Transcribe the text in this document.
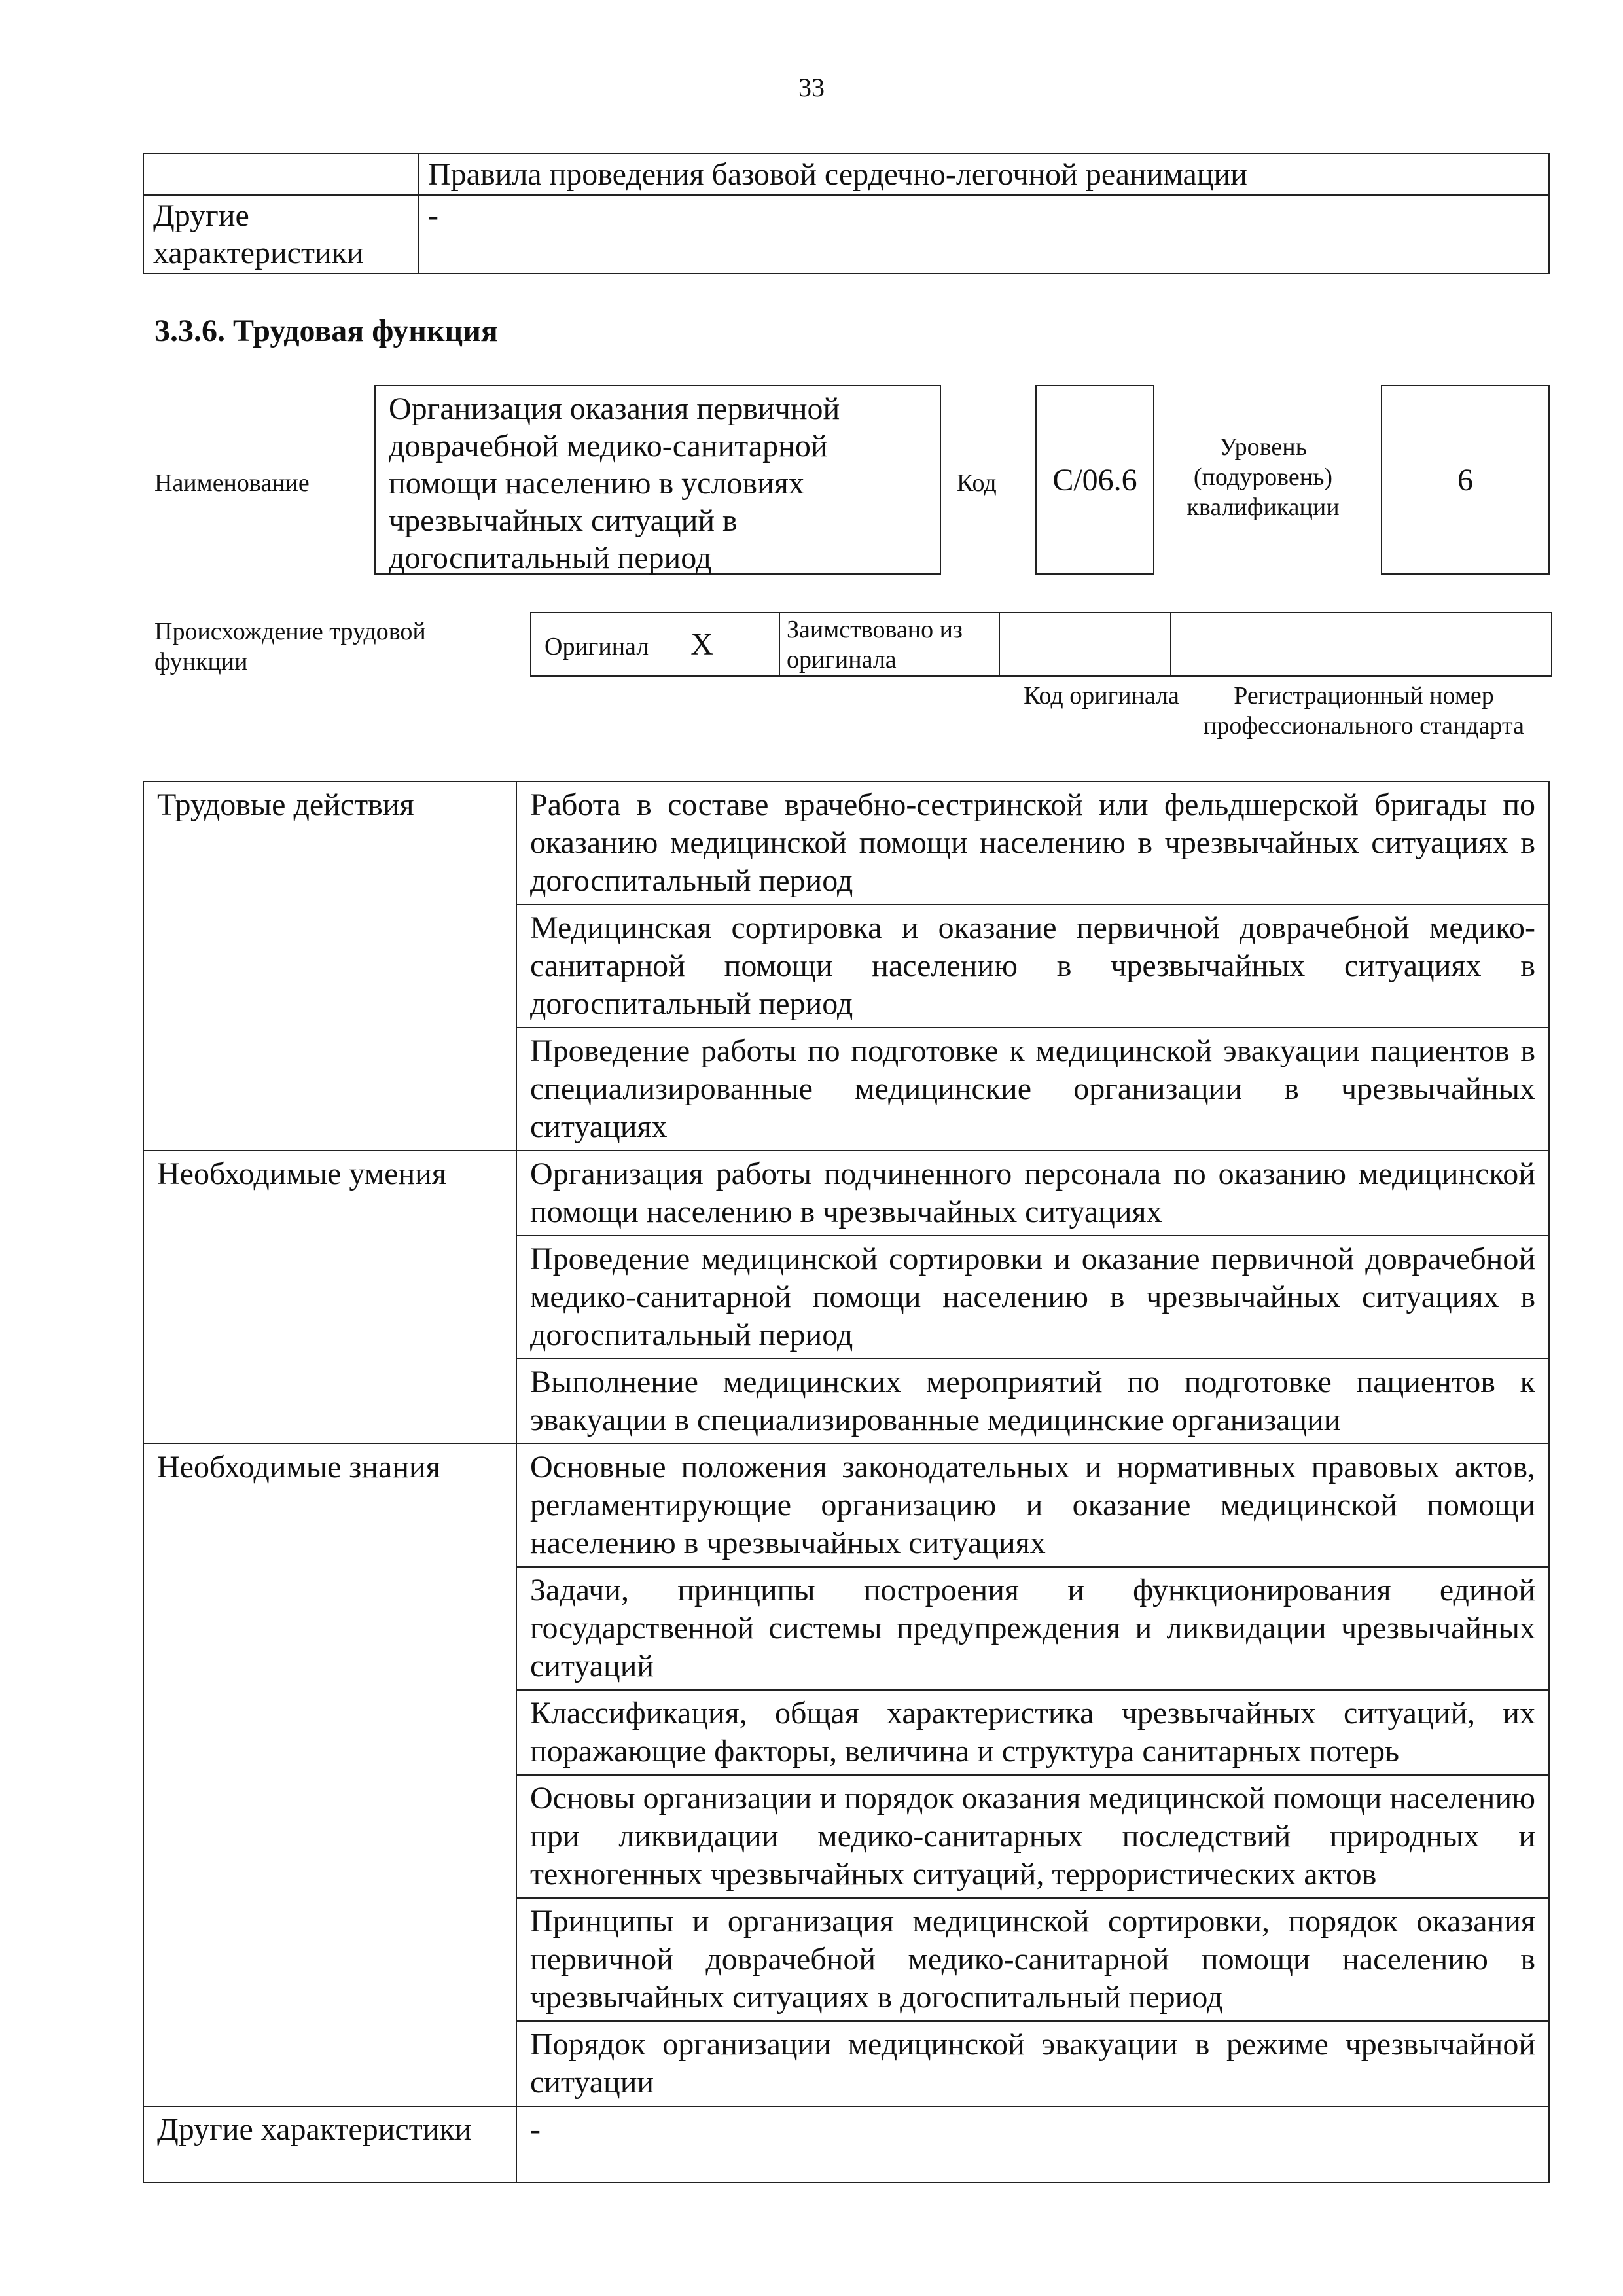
33
	Правила проведения базовой сердечно-легочной реанимации
Другие характеристики	-
3.3.6. Трудовая функция
Наименование
Организация оказания первичной доврачебной медико-санитарной помощи населению в условиях чрезвычайных ситуаций в догоспитальный период
Код C/06.6
Уровень (подуровень) квалификации
6
Происхождение трудовой функции
Оригинал X	Заимствовано из оригинала

Код оригинала	Регистрационный номер профессионального стандарта
Трудовые действия	Работа в составе врачебно-сестринской или фельдшерской бригады по оказанию медицинской помощи населению в чрезвычайных ситуациях в догоспитальный период
	Медицинская сортировка и оказание первичной доврачебной медико-санитарной помощи населению в чрезвычайных ситуациях в догоспитальный период
	Проведение работы по подготовке к медицинской эвакуации пациентов в специализированные медицинские организации в чрезвычайных ситуациях
Необходимые умения	Организация работы подчиненного персонала по оказанию медицинской помощи населению в чрезвычайных ситуациях
	Проведение медицинской сортировки и оказание первичной доврачебной медико-санитарной помощи населению в чрезвычайных ситуациях в догоспитальный период
	Выполнение медицинских мероприятий по подготовке пациентов к эвакуации в специализированные медицинские организации
Необходимые знания	Основные положения законодательных и нормативных правовых актов, регламентирующие организацию и оказание медицинской помощи населению в чрезвычайных ситуациях
	Задачи, принципы построения и функционирования единой государственной системы предупреждения и ликвидации чрезвычайных ситуаций
	Классификация, общая характеристика чрезвычайных ситуаций, их поражающие факторы, величина и структура санитарных потерь
	Основы организации и порядок оказания медицинской помощи населению при ликвидации медико-санитарных последствий природных и техногенных чрезвычайных ситуаций, террористических актов
	Принципы и организация медицинской сортировки, порядок оказания первичной доврачебной медико-санитарной помощи населению в чрезвычайных ситуациях в догоспитальный период
	Порядок организации медицинской эвакуации в режиме чрезвычайной ситуации
Другие характеристики	-
